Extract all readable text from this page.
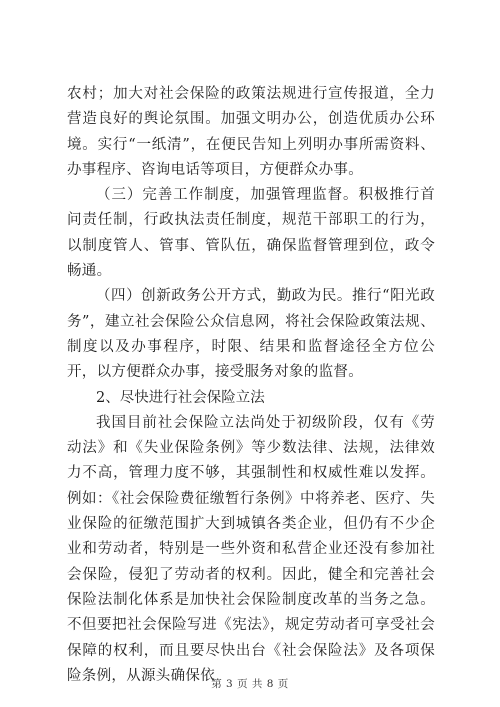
农村；加大对社会保险的政策法规进行宣传报道，全力营造良好的舆论氛围。加强文明办公，创造优质办公环境。实行“一纸清”，在便民告知上列明办事所需资料、办事程序、咨询电话等项目，方便群众办事。

（三）完善工作制度，加强管理监督。积极推行首问责任制，行政执法责任制度，规范干部职工的行为，以制度管人、管事、管队伍，确保监督管理到位，政令畅通。

（四）创新政务公开方式，勤政为民。推行“阳光政务”，建立社会保险公众信息网，将社会保险政策法规、制度以及办事程序，时限、结果和监督途径全方位公开，以方便群众办事，接受服务对象的监督。

2、尽快进行社会保险立法

我国目前社会保险立法尚处于初级阶段，仅有《劳动法》和《失业保险条例》等少数法律、法规，法律效力不高，管理力度不够，其强制性和权威性难以发挥。例如：《社会保险费征缴暂行条例》中将养老、医疗、失业保险的征缴范围扩大到城镇各类企业，但仍有不少企业和劳动者，特别是一些外资和私营企业还没有参加社会保险，侵犯了劳动者的权利。因此，健全和完善社会保险法制化体系是加快社会保险制度改革的当务之急。不但要把社会保险写进《宪法》，规定劳动者可享受社会保障的权利，而且要尽快出台《社会保险法》及各项保险条例，从源头确保依

第 3 页 共 8 页
